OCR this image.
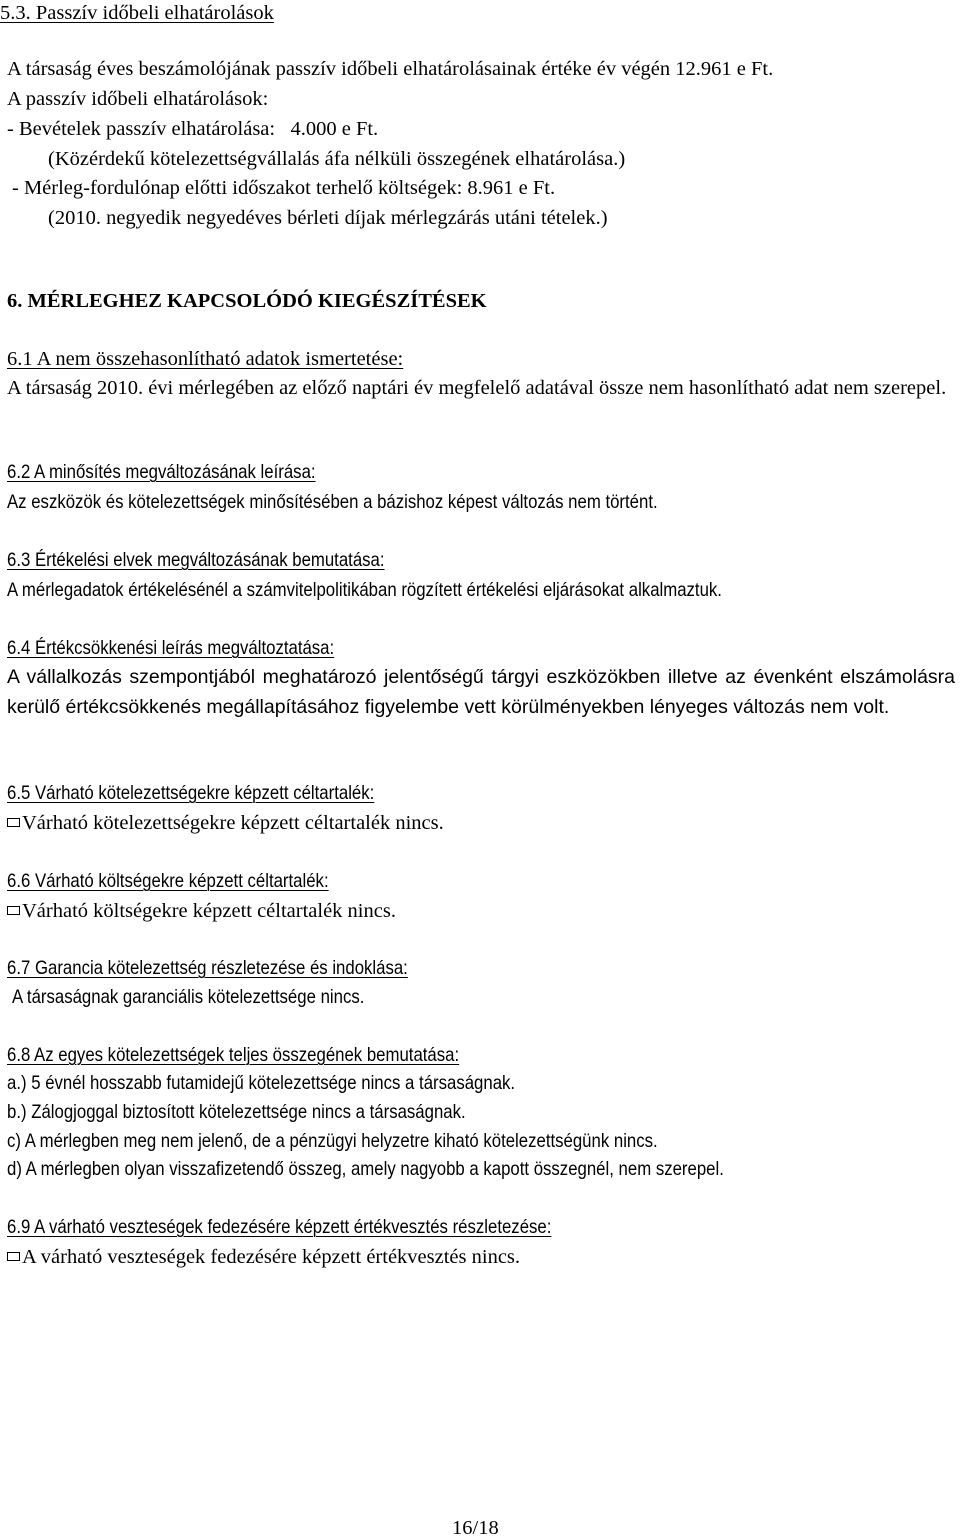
5.3. Passzív időbeli elhatárolások
A társaság éves beszámolójának passzív időbeli elhatárolásainak értéke év végén 12.961 e Ft.
A passzív időbeli elhatárolások:
- Bevételek passzív elhatárolása:   4.000 e Ft.
(Közérdekű kötelezettségvállalás áfa nélküli összegének elhatárolása.)
- Mérleg-fordulónap előtti időszakot terhelő költségek: 8.961 e Ft.
(2010. negyedik negyedéves bérleti díjak mérlegzárás utáni tételek.)
6. MÉRLEGHEZ KAPCSOLÓDÓ KIEGÉSZÍTÉSEK
6.1 A nem összehasonlítható adatok ismertetése:
A társaság 2010. évi mérlegében az előző naptári év megfelelő adatával össze nem hasonlítható adat nem szerepel.
6.2 A minősítés megváltozásának leírása:
Az eszközök és kötelezettségek minősítésében a bázishoz képest változás nem történt.
6.3 Értékelési elvek megváltozásának bemutatása:
A mérlegadatok értékelésénél a számvitelpolitikában rögzített értékelési eljárásokat alkalmaztuk.
6.4 Értékcsökkenési leírás megváltoztatása:
A vállalkozás szempontjából meghatározó jelentőségű tárgyi eszközökben illetve az évenként elszámolásra kerülő értékcsökkenés megállapításához figyelembe vett körülményekben lényeges változás nem volt.
6.5 Várható kötelezettségekre képzett céltartalék:
Várható kötelezettségekre képzett céltartalék nincs.
6.6 Várható költségekre képzett céltartalék:
Várható költségekre képzett céltartalék nincs.
6.7 Garancia kötelezettség részletezése és indoklása:
A társaságnak garanciális kötelezettsége nincs.
6.8 Az egyes kötelezettségek teljes összegének bemutatása:
a.) 5 évnél hosszabb futamidejű kötelezettsége nincs a társaságnak.
b.) Zálogjoggal biztosított kötelezettsége nincs a társaságnak.
c) A mérlegben meg nem jelenő, de a pénzügyi helyzetre kiható kötelezettségünk nincs.
d) A mérlegben olyan visszafizetendő összeg, amely nagyobb a kapott összegnél, nem szerepel.
6.9 A várható veszteségek fedezésére képzett értékvesztés részletezése:
A várható veszteségek fedezésére képzett értékvesztés nincs.
16/18
